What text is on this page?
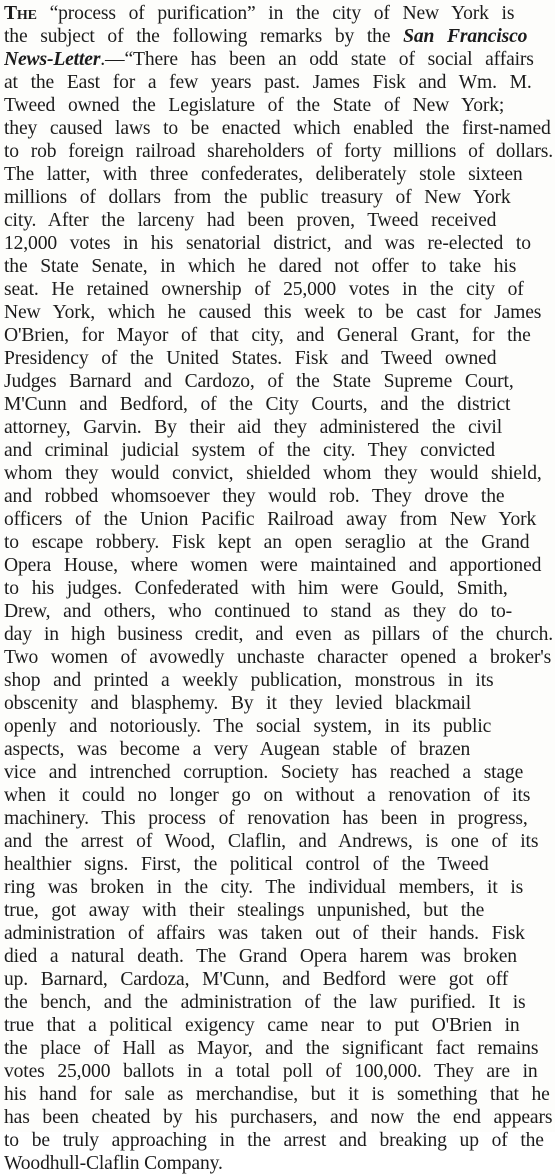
The “process of purification” in the city of New York is
the subject of the following remarks by the San Francisco
News-Letter.—“There has been an odd state of social affairs
at the East for a few years past. James Fisk and Wm. M.
Tweed owned the Legislature of the State of New York;
they caused laws to be enacted which enabled the first-named
to rob foreign railroad shareholders of forty millions of dollars.
The latter, with three confederates, deliberately stole sixteen
millions of dollars from the public treasury of New York
city. After the larceny had been proven, Tweed received
12,000 votes in his senatorial district, and was re-elected to
the State Senate, in which he dared not offer to take his
seat. He retained ownership of 25,000 votes in the city of
New York, which he caused this week to be cast for James
O'Brien, for Mayor of that city, and General Grant, for the
Presidency of the United States. Fisk and Tweed owned
Judges Barnard and Cardozo, of the State Supreme Court,
M'Cunn and Bedford, of the City Courts, and the district
attorney, Garvin. By their aid they administered the civil
and criminal judicial system of the city. They convicted
whom they would convict, shielded whom they would shield,
and robbed whomsoever they would rob. They drove the
officers of the Union Pacific Railroad away from New York
to escape robbery. Fisk kept an open seraglio at the Grand
Opera House, where women were maintained and apportioned
to his judges. Confederated with him were Gould, Smith,
Drew, and others, who continued to stand as they do to-
day in high business credit, and even as pillars of the church.
Two women of avowedly unchaste character opened a broker's
shop and printed a weekly publication, monstrous in its
obscenity and blasphemy. By it they levied blackmail
openly and notoriously. The social system, in its public
aspects, was become a very Augean stable of brazen
vice and intrenched corruption. Society has reached a stage
when it could no longer go on without a renovation of its
machinery. This process of renovation has been in progress,
and the arrest of Wood, Claflin, and Andrews, is one of its
healthier signs. First, the political control of the Tweed
ring was broken in the city. The individual members, it is
true, got away with their stealings unpunished, but the
administration of affairs was taken out of their hands. Fisk
died a natural death. The Grand Opera harem was broken
up. Barnard, Cardoza, M'Cunn, and Bedford were got off
the bench, and the administration of the law purified. It is
true that a political exigency came near to put O'Brien in
the place of Hall as Mayor, and the significant fact remains
votes 25,000 ballots in a total poll of 100,000. They are in
his hand for sale as merchandise, but it is something that he
has been cheated by his purchasers, and now the end appears
to be truly approaching in the arrest and breaking up of the
Woodhull-Claflin Company.
